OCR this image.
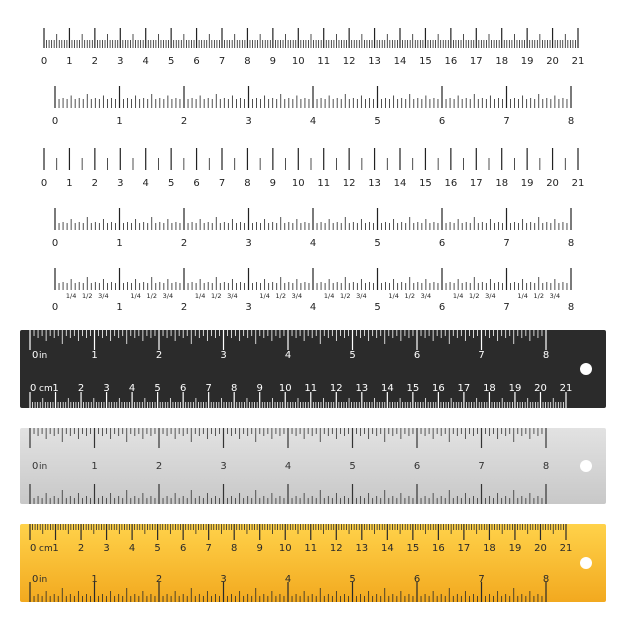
0 1 2 3 4 5 6 7 8 9 10 11 12 13 14 15 16 17 18 19 20 21
0	1	2	3	4	5	6	7	8
0 1 2 3 4 5 6 7 8 9 10 11 12 13 14 15 16 17 18 19 20 21
0	1	2	3	4	5	6	7	8
0	1	2	3	4	5	6	7	8
1/4 1/2 3/4	1/4 1/2 3/4	1/4 1/2 3/4	1/4 1/2 3/4	1/4 1/2 3/4	1/4 1/2 3/4	1/4 1/2 3/4	1/4 1/2 3/4
0	1	2	3	4	5	6	7	8
1 2 3 4 5 6 7 8 9 10 11 12 13 14 15 16 17 18 19 20 21
in
0 cm
0	1	2	3	4	5	6	7	8
in
1 2 3 4 5 6 7 8 9 10 11 12 13 14 15 16 17 18 19 20 21
0	1	2	3	4	5	6	7	8
0 cm
in
